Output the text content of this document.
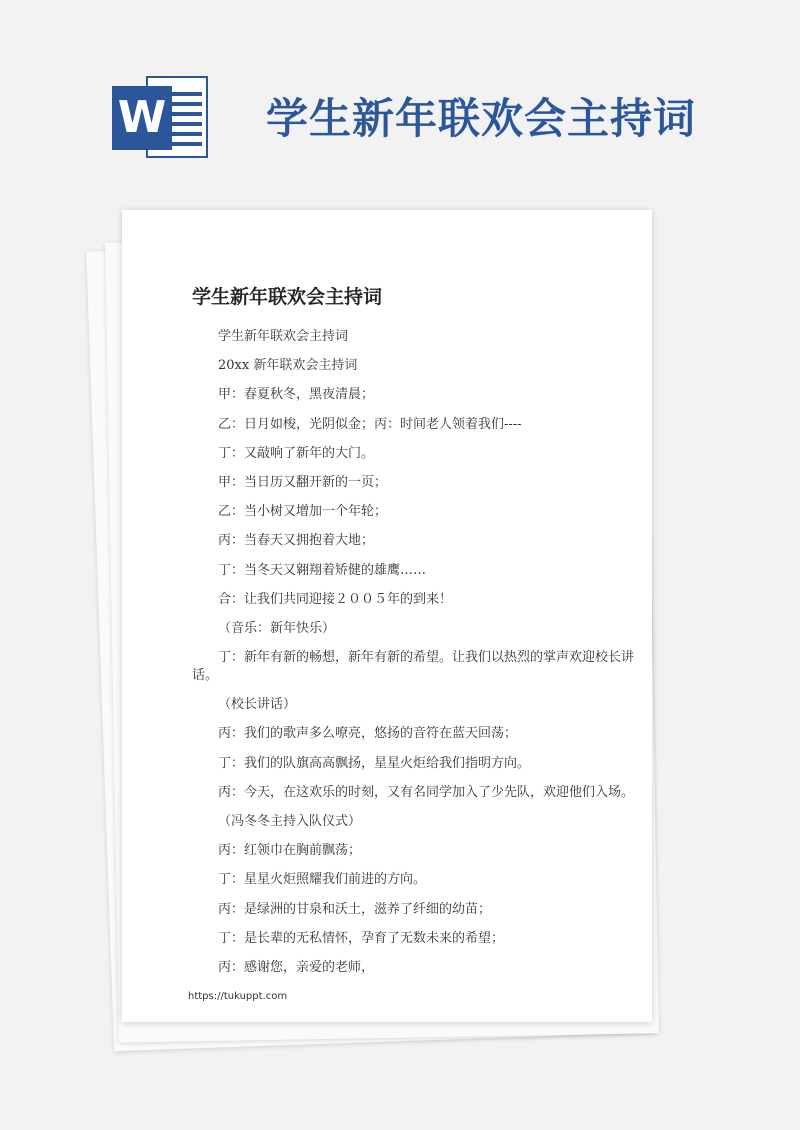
W 学生新年联欢会主持词
学生新年联欢会主持词
学生新年联欢会主持词
20xx 新年联欢会主持词
甲：春夏秋冬，黑夜清晨；
乙：日月如梭，光阴似金；丙：时间老人领着我们----
丁：又敲响了新年的大门。
甲：当日历又翻开新的一页；
乙：当小树又增加一个年轮；
丙：当春天又拥抱着大地；
丁：当冬天又翱翔着矫健的雄鹰……
合：让我们共同迎接２００５年的到来！
（音乐：新年快乐）
丁：新年有新的畅想，新年有新的希望。让我们以热烈的掌声欢迎校长讲话。
（校长讲话）
丙：我们的歌声多么嘹亮，悠扬的音符在蓝天回荡；
丁：我们的队旗高高飘扬，星星火炬给我们指明方向。
丙：今天，在这欢乐的时刻，又有名同学加入了少先队，欢迎他们入场。
（冯冬冬主持入队仪式）
丙：红领巾在胸前飘荡；
丁：星星火炬照耀我们前进的方向。
丙：是绿洲的甘泉和沃土，滋养了纤细的幼苗；
丁：是长辈的无私情怀，孕育了无数未来的希望；
丙：感谢您，亲爱的老师，
https://tukuppt.com
